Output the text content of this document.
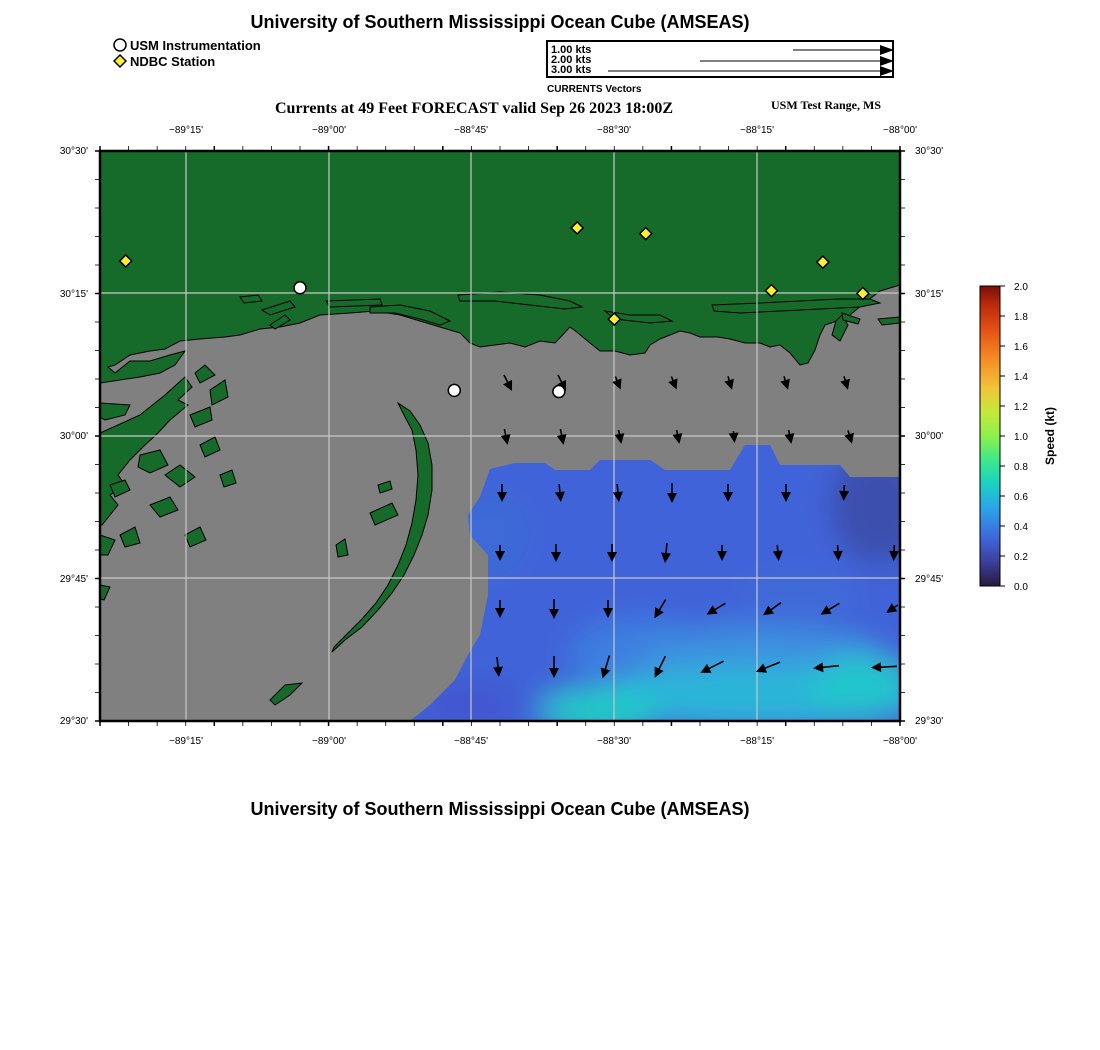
University of Southern Mississippi Ocean Cube (AMSEAS)
USM Instrumentation
NDBC Station
1.00 kts
2.00 kts
3.00 kts
CURRENTS Vectors
Currents at 49 Feet FORECAST valid Sep 26 2023 18:00Z	USM Test Range, MS
−89°15'	−89°00'	−88°45'	−88°30'	−88°15'	−88°00'
−89°15'	−89°00'	−88°45'	−88°30'	−88°15'	−88°00'
30°30'
30°15'
30°00'
29°45'
29°30'
30°30'
30°15'
30°00'
29°45'
29°30'
2.0
1.8
1.6
1.4
1.2
1.0
0.8
0.6
0.4
0.2
0.0
Speed (kt)
University of Southern Mississippi Ocean Cube (AMSEAS)
